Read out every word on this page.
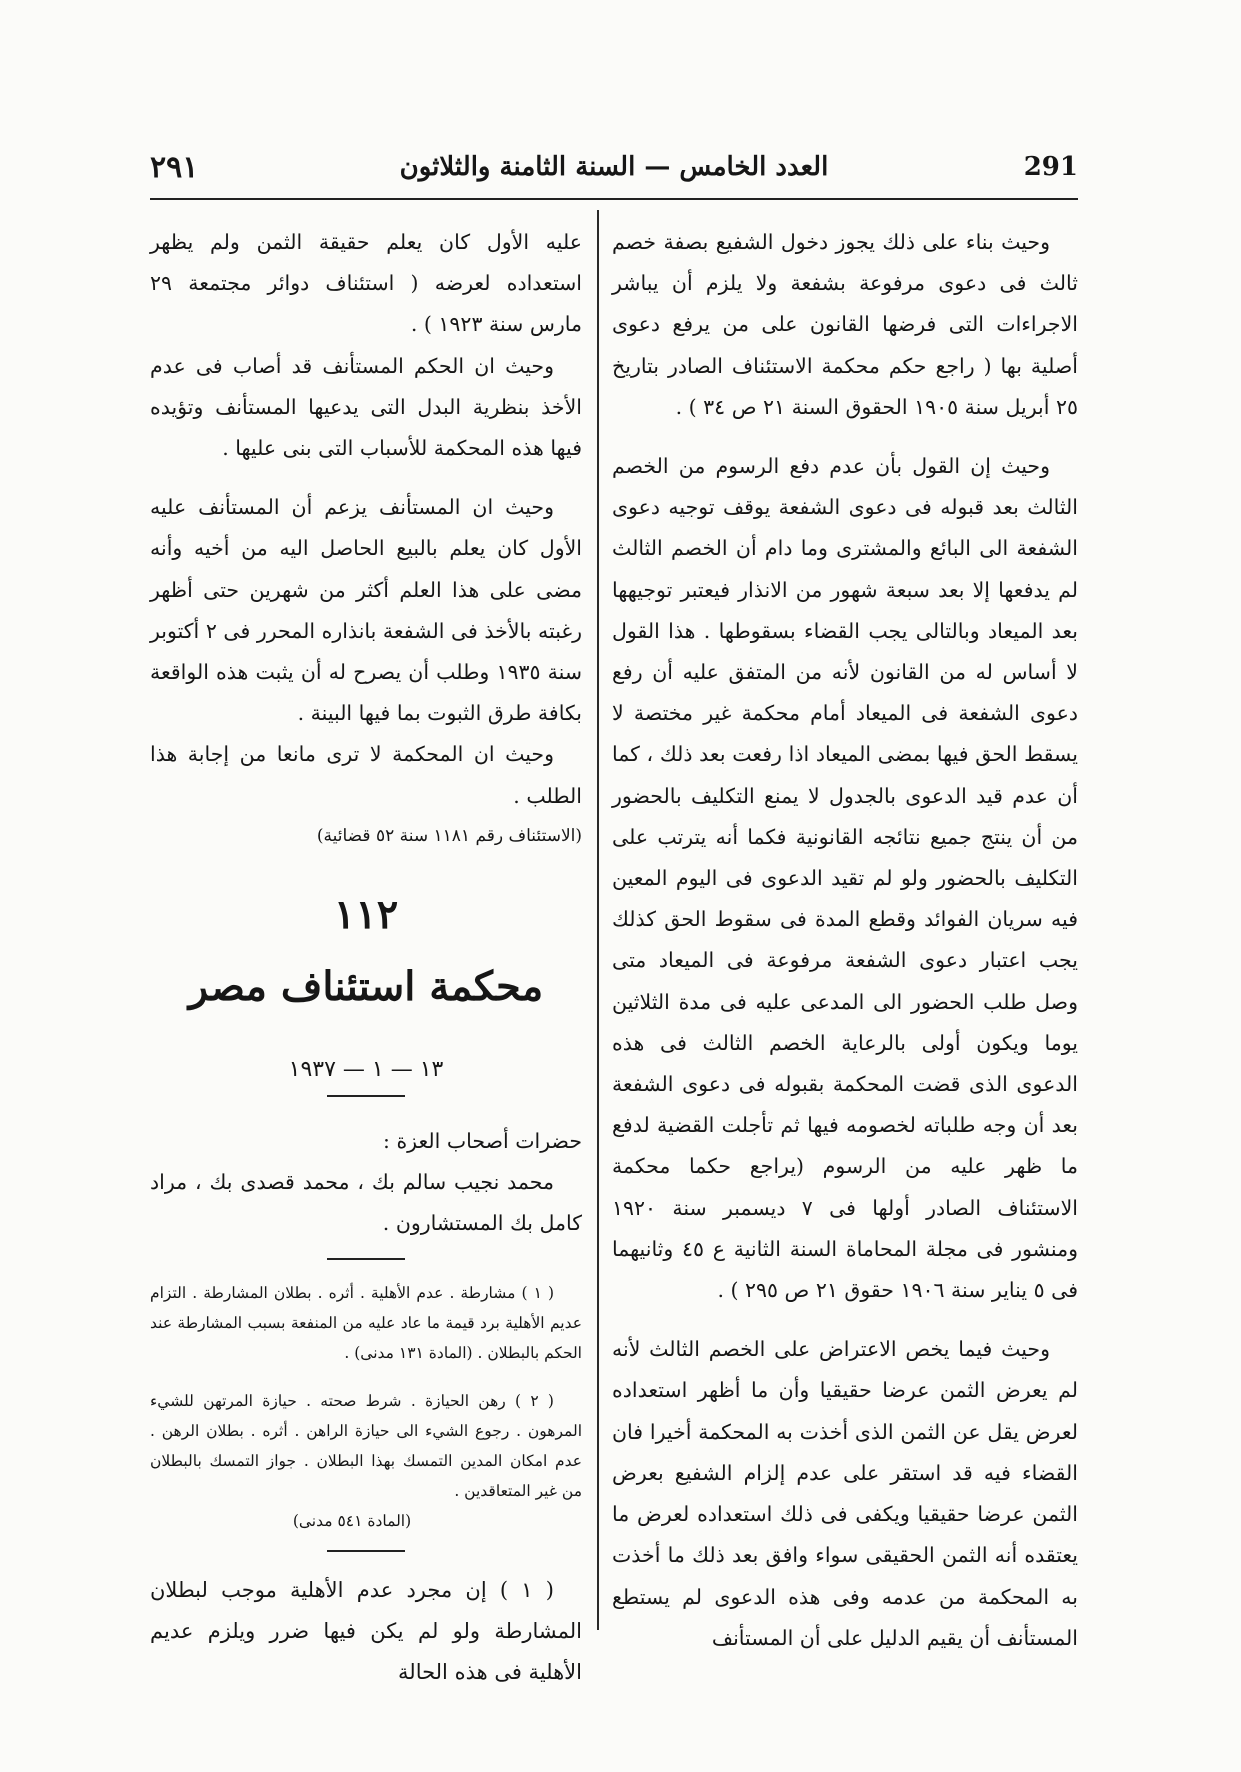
٢٩١	العدد الخامس — السنة الثامنة والثلاثون	291

وحيث بناء على ذلك يجوز دخول الشفيع بصفة خصم ثالث فى دعوى مرفوعة بشفعة ولا يلزم أن يباشر الاجراءات التى فرضها القانون على من يرفع دعوى أصلية بها ( راجع حكم محكمة الاستئناف الصادر بتاريخ ٢٥ أبريل سنة ١٩٠٥ الحقوق السنة ٢١ ص ٣٤ ) .

وحيث إن القول بأن عدم دفع الرسوم من الخصم الثالث بعد قبوله فى دعوى الشفعة يوقف توجيه دعوى الشفعة الى البائع والمشترى وما دام أن الخصم الثالث لم يدفعها إلا بعد سبعة شهور من الانذار فيعتبر توجيهها بعد الميعاد وبالتالى يجب القضاء بسقوطها . هذا القول لا أساس له من القانون لأنه من المتفق عليه أن رفع دعوى الشفعة فى الميعاد أمام محكمة غير مختصة لا يسقط الحق فيها بمضى الميعاد اذا رفعت بعد ذلك ، كما أن عدم قيد الدعوى بالجدول لا يمنع التكليف بالحضور من أن ينتج جميع نتائجه القانونية فكما أنه يترتب على التكليف بالحضور ولو لم تقيد الدعوى فى اليوم المعين فيه سريان الفوائد وقطع المدة فى سقوط الحق كذلك يجب اعتبار دعوى الشفعة مرفوعة فى الميعاد متى وصل طلب الحضور الى المدعى عليه فى مدة الثلاثين يوما ويكون أولى بالرعاية الخصم الثالث فى هذه الدعوى الذى قضت المحكمة بقبوله فى دعوى الشفعة بعد أن وجه طلباته لخصومه فيها ثم تأجلت القضية لدفع ما ظهر عليه من الرسوم (يراجع حكما محكمة الاستئناف الصادر أولها فى ٧ ديسمبر سنة ١٩٢٠ ومنشور فى مجلة المحاماة السنة الثانية ع ٤٥ وثانيهما فى ٥ يناير سنة ١٩٠٦ حقوق ٢١ ص ٢٩٥ ) .

وحيث فيما يخص الاعتراض على الخصم الثالث لأنه لم يعرض الثمن عرضا حقيقيا وأن ما أظهر استعداده لعرض يقل عن الثمن الذى أخذت به المحكمة أخيرا فان القضاء فيه قد استقر على عدم إلزام الشفيع بعرض الثمن عرضا حقيقيا ويكفى فى ذلك استعداده لعرض ما يعتقده أنه الثمن الحقيقى سواء وافق بعد ذلك ما أخذت به المحكمة من عدمه وفى هذه الدعوى لم يستطع المستأنف أن يقيم الدليل على أن المستأنف

عليه الأول كان يعلم حقيقة الثمن ولم يظهر استعداده لعرضه ( استئناف دوائر مجتمعة ٢٩ مارس سنة ١٩٢٣ ) .

وحيث ان الحكم المستأنف قد أصاب فى عدم الأخذ بنظرية البدل التى يدعيها المستأنف وتؤيده فيها هذه المحكمة للأسباب التى بنى عليها .

وحيث ان المستأنف يزعم أن المستأنف عليه الأول كان يعلم بالبيع الحاصل اليه من أخيه وأنه مضى على هذا العلم أكثر من شهرين حتى أظهر رغبته بالأخذ فى الشفعة بانذاره المحرر فى ٢ أكتوبر سنة ١٩٣٥ وطلب أن يصرح له أن يثبت هذه الواقعة بكافة طرق الثبوت بما فيها البينة .

وحيث ان المحكمة لا ترى مانعا من إجابة هذا الطلب .

(الاستئناف رقم ١١٨١ سنة ٥٢ قضائية)

١١٢
محكمة استئناف مصر
١٣ — ١ — ١٩٣٧

حضرات أصحاب العزة :

محمد نجيب سالم بك ، محمد قصدى بك ، مراد كامل بك المستشارون .

( ١ ) مشارطة . عدم الأهلية . أثره . بطلان المشارطة . التزام عديم الأهلية برد قيمة ما عاد عليه من المنفعة بسبب المشارطة عند الحكم بالبطلان . (المادة ١٣١ مدنى) .

( ٢ ) رهن الحيازة . شرط صحته . حيازة المرتهن للشيء المرهون . رجوع الشيء الى حيازة الراهن . أثره . بطلان الرهن . عدم امكان المدين التمسك بهذا البطلان . جواز التمسك بالبطلان من غير المتعاقدين .

(المادة ٥٤١ مدنى)

( ١ ) إن مجرد عدم الأهلية موجب لبطلان المشارطة ولو لم يكن فيها ضرر ويلزم عديم الأهلية فى هذه الحالة
